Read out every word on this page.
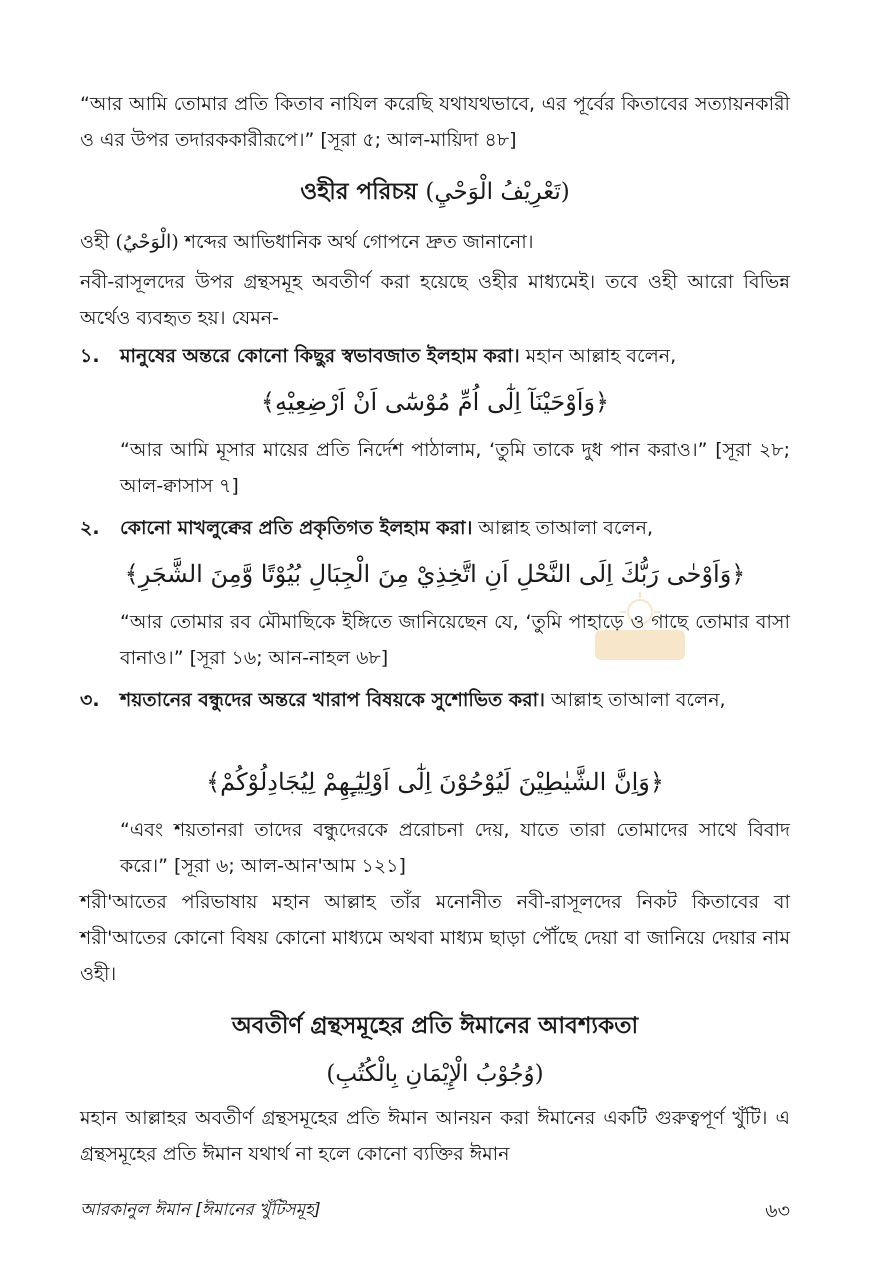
“আর আমি তোমার প্রতি কিতাব নাযিল করেছি যথাযথভাবে, এর পূর্বের কিতাবের সত্যায়নকারী ও এর উপর তদারককারীরূপে।” [সূরা ৫; আল-মায়িদা ৪৮]

ওহীর পরিচয় (تَعْرِيْفُ الْوَحْيِ)

ওহী (الْوَحْيُ) শব্দের আভিধানিক অর্থ গোপনে দ্রুত জানানো।

নবী-রাসূলদের উপর গ্রন্থসমূহ অবতীর্ণ করা হয়েছে ওহীর মাধ্যমেই। তবে ওহী আরো বিভিন্ন অর্থেও ব্যবহৃত হয়। যেমন-

১.	মানুষের অন্তরে কোনো কিছুর স্বভাবজাত ইলহাম করা। মহান আল্লাহ বলেন,

﴿وَاَوْحَيْنَآ اِلٰٓى اُمِّ مُوْسٰٓى اَنْ اَرْضِعِيْهِ﴾

“আর আমি মূসার মায়ের প্রতি নির্দেশ পাঠালাম, ‘তুমি তাকে দুধ পান করাও।” [সূরা ২৮; আল-ক্বাসাস ৭]

২.	কোনো মাখলুক্বের প্রতি প্রকৃতিগত ইলহাম করা। আল্লাহ তাআলা বলেন,

﴿وَاَوْحٰى رَبُّكَ اِلَى النَّحْلِ اَنِ اتَّخِذِيْ مِنَ الْجِبَالِ بُيُوْتًا وَّمِنَ الشَّجَرِ﴾

“আর তোমার রব মৌমাছিকে ইঙ্গিতে জানিয়েছেন যে, ‘তুমি পাহাড়ে ও গাছে তোমার বাসা বানাও।” [সূরা ১৬; আন-নাহল ৬৮]

৩.	শয়তানের বন্ধুদের অন্তরে খারাপ বিষয়কে সুশোভিত করা। আল্লাহ তাআলা বলেন,

﴿وَاِنَّ الشَّيٰطِيْنَ لَيُوْحُوْنَ اِلٰٓى اَوْلِيٰٓـِٕهِمْ لِيُجَادِلُوْكُمْ﴾

“এবং শয়তানরা তাদের বন্ধুদেরকে প্ররোচনা দেয়, যাতে তারা তোমাদের সাথে বিবাদ করে।” [সূরা ৬; আল-আন'আম ১২১]

শরী'আতের পরিভাষায় মহান আল্লাহ তাঁর মনোনীত নবী-রাসূলদের নিকট কিতাবের বা শরী'আতের কোনো বিষয় কোনো মাধ্যমে অথবা মাধ্যম ছাড়া পৌঁছে দেয়া বা জানিয়ে দেয়ার নাম ওহী।

অবতীর্ণ গ্রন্থসমূহের প্রতি ঈমানের আবশ্যকতা
(وُجُوْبُ الْإِيْمَانِ بِالْكُتُبِ)

মহান আল্লাহর অবতীর্ণ গ্রন্থসমূহের প্রতি ঈমান আনয়ন করা ঈমানের একটি গুরুত্বপূর্ণ খুঁটি। এ গ্রন্থসমূহের প্রতি ঈমান যথার্থ না হলে কোনো ব্যক্তির ঈমান

আরকানুল ঈমান [ঈমানের খুঁটিসমূহ]	৬৩
